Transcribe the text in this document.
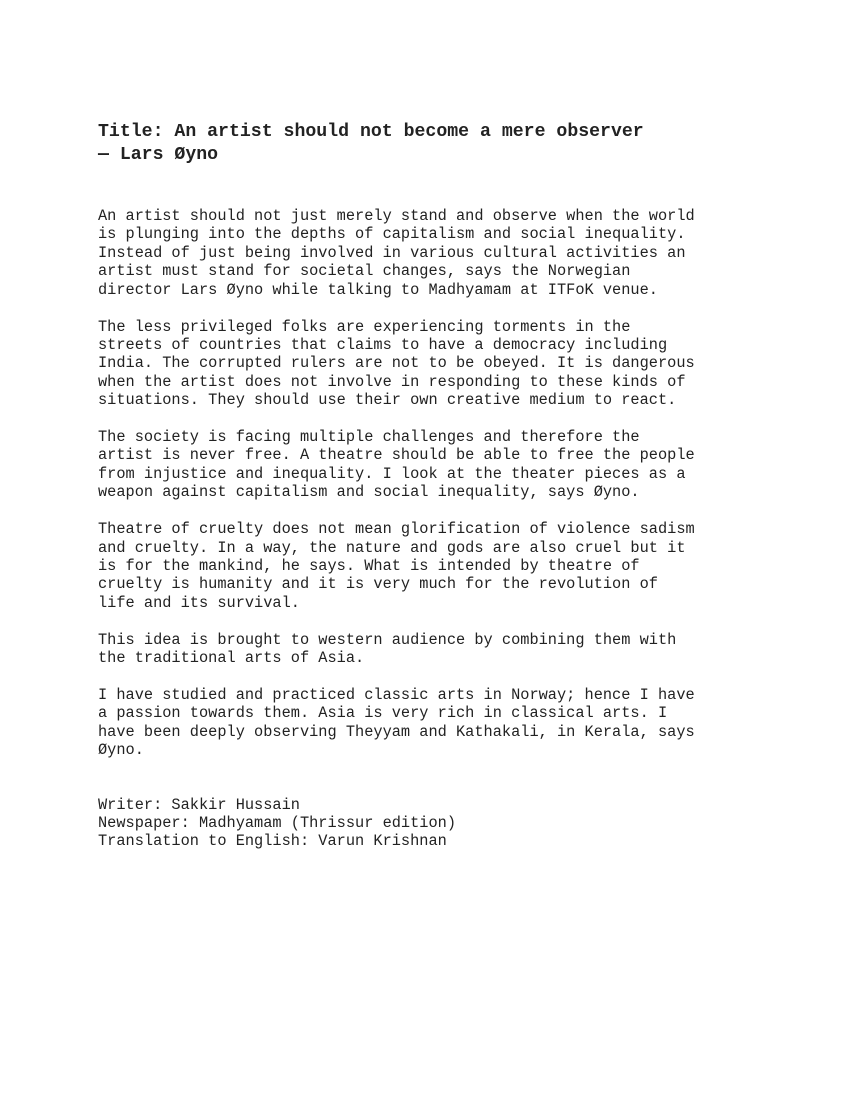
Title: An artist should not become a mere observer
— Lars Øyno

An artist should not just merely stand and observe when the world
is plunging into the depths of capitalism and social inequality.
Instead of just being involved in various cultural activities an
artist must stand for societal changes, says the Norwegian
director Lars Øyno while talking to Madhyamam at ITFoK venue.

The less privileged folks are experiencing torments in the
streets of countries that claims to have a democracy including
India. The corrupted rulers are not to be obeyed. It is dangerous
when the artist does not involve in responding to these kinds of
situations. They should use their own creative medium to react.

The society is facing multiple challenges and therefore the
artist is never free. A theatre should be able to free the people
from injustice and inequality. I look at the theater pieces as a
weapon against capitalism and social inequality, says Øyno.

Theatre of cruelty does not mean glorification of violence sadism
and cruelty. In a way, the nature and gods are also cruel but it
is for the mankind, he says. What is intended by theatre of
cruelty is humanity and it is very much for the revolution of
life and its survival.

This idea is brought to western audience by combining them with
the traditional arts of Asia.

I have studied and practiced classic arts in Norway; hence I have
a passion towards them. Asia is very rich in classical arts. I
have been deeply observing Theyyam and Kathakali, in Kerala, says
Øyno.

Writer: Sakkir Hussain
Newspaper: Madhyamam (Thrissur edition)
Translation to English: Varun Krishnan
